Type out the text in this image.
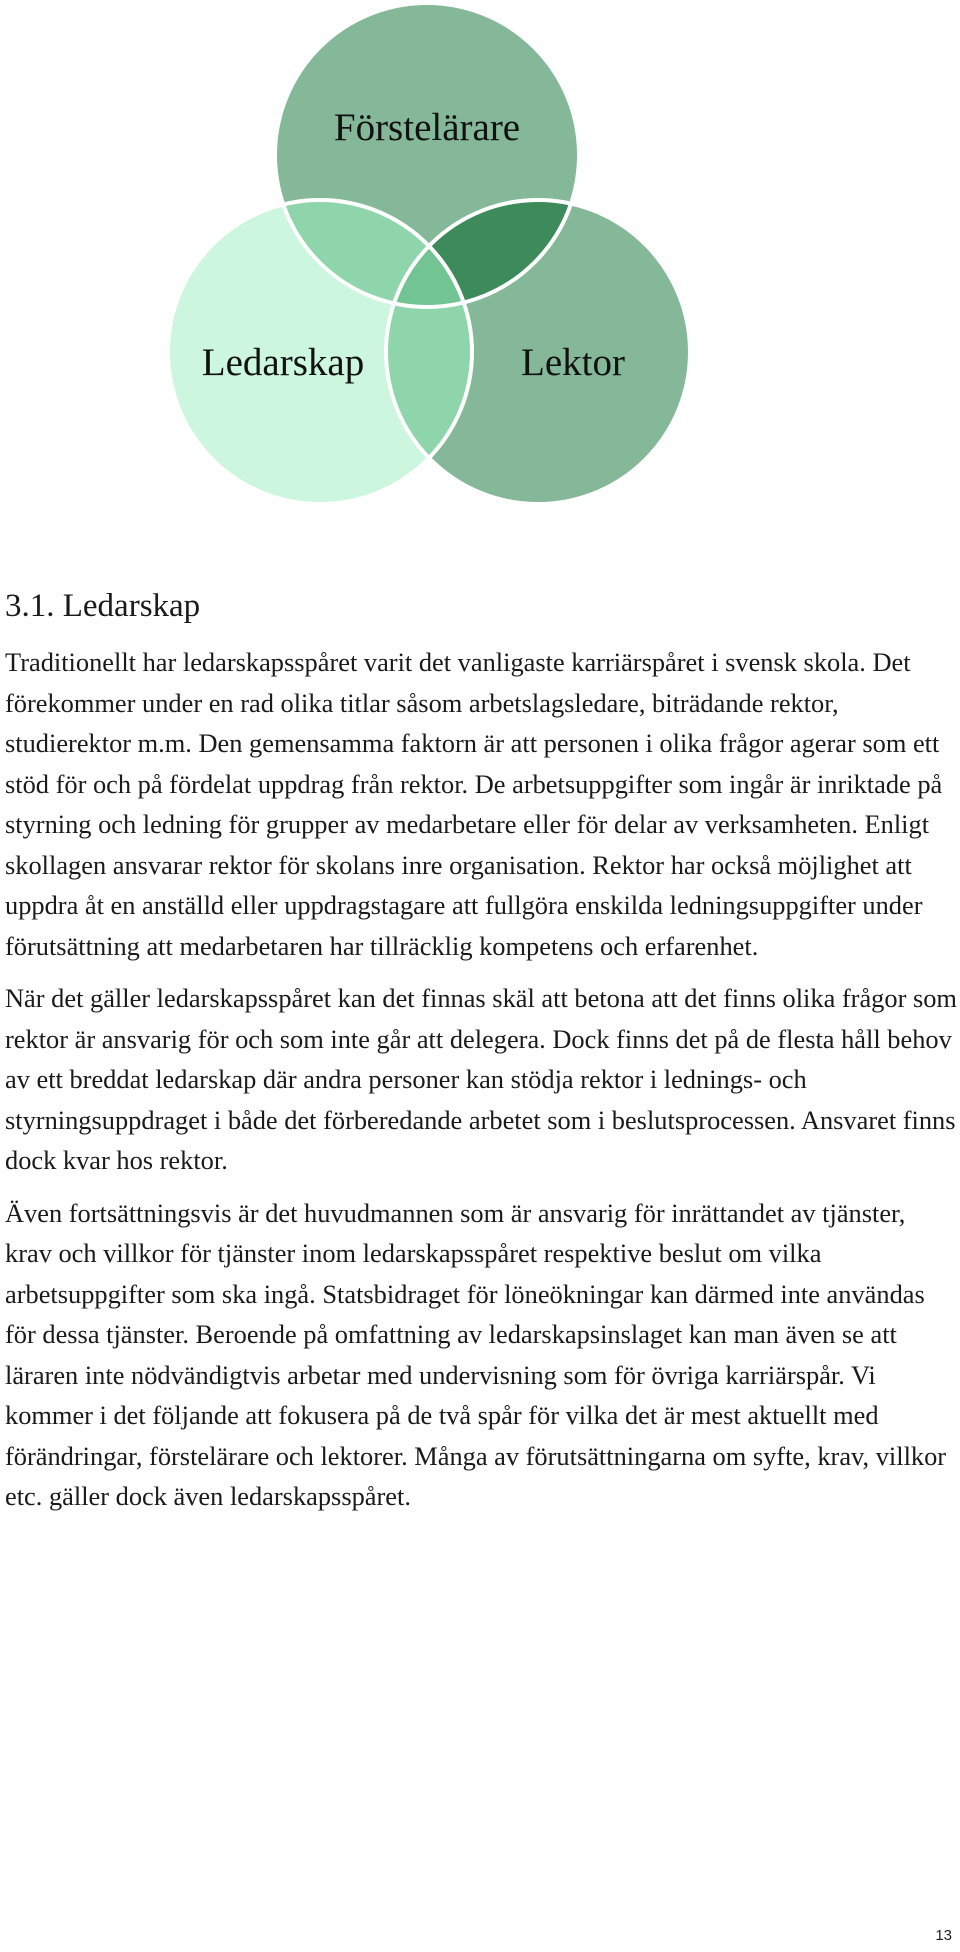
Förstelärare
Ledarskap	Lektor
3.1. Ledarskap

Traditionellt har ledarskapsspåret varit det vanligaste karriärspåret i svensk skola. Det förekommer under en rad olika titlar såsom arbetslagsledare, biträdande rektor, studierektor m.m. Den gemensamma faktorn är att personen i olika frågor agerar som ett stöd för och på fördelat uppdrag från rektor. De arbetsuppgifter som ingår är inriktade på styrning och ledning för grupper av medarbetare eller för delar av verksamheten. Enligt skollagen ansvarar rektor för skolans inre organisation. Rektor har också möjlighet att uppdra åt en anställd eller uppdragstagare att fullgöra enskilda ledningsuppgifter under förutsättning att medarbetaren har tillräcklig kompetens och erfarenhet.

När det gäller ledarskapsspåret kan det finnas skäl att betona att det finns olika frågor som rektor är ansvarig för och som inte går att delegera. Dock finns det på de flesta håll behov av ett breddat ledarskap där andra personer kan stödja rektor i lednings- och styrningsuppdraget i både det förberedande arbetet som i beslutsprocessen. Ansvaret finns dock kvar hos rektor.

Även fortsättningsvis är det huvudmannen som är ansvarig för inrättandet av tjänster, krav och villkor för tjänster inom ledarskapsspåret respektive beslut om vilka arbetsuppgifter som ska ingå. Statsbidraget för löneökningar kan därmed inte användas för dessa tjänster. Beroende på omfattning av ledarskapsinslaget kan man även se att läraren inte nödvändigtvis arbetar med undervisning som för övriga karriärspår. Vi kommer i det följande att fokusera på de två spår för vilka det är mest aktuellt med förändringar, förstelärare och lektorer. Många av förutsättningarna om syfte, krav, villkor etc. gäller dock även ledarskapsspåret.

13
